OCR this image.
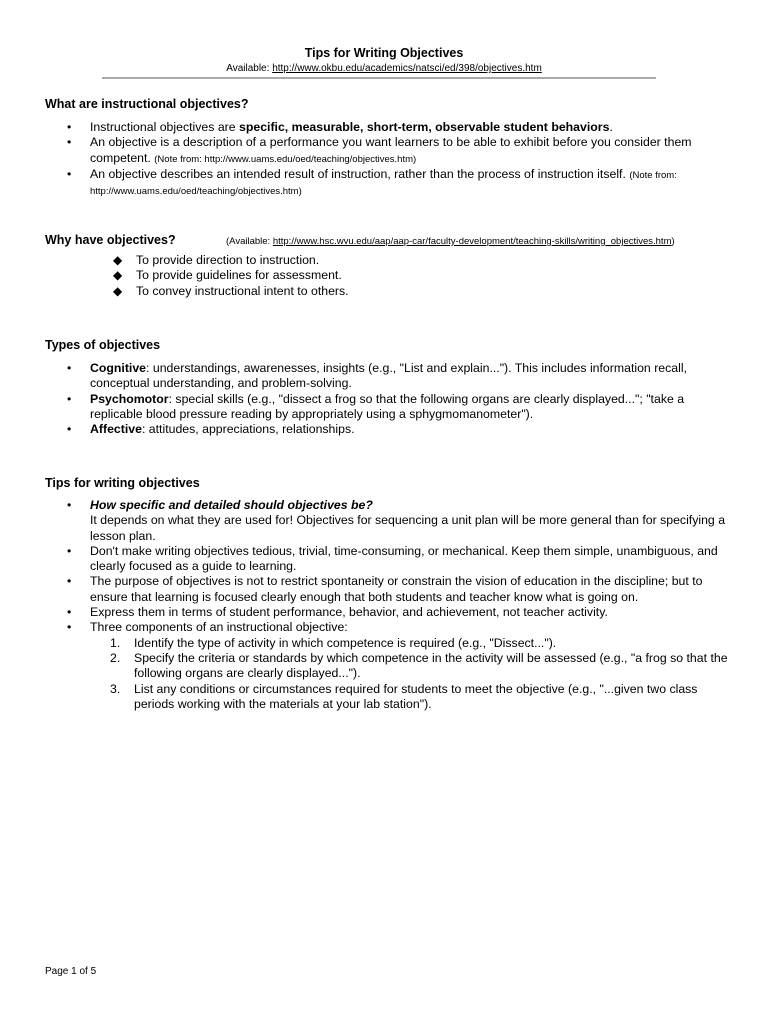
Tips for Writing Objectives
Available: http://www.okbu.edu/academics/natsci/ed/398/objectives.htm
What are instructional objectives?
• Instructional objectives are specific, measurable, short-term, observable student behaviors.
• An objective is a description of a performance you want learners to be able to exhibit before you consider them competent. (Note from: http://www.uams.edu/oed/teaching/objectives.htm)
• An objective describes an intended result of instruction, rather than the process of instruction itself. (Note from: http://www.uams.edu/oed/teaching/objectives.htm)
Why have objectives?	(Available: http://www.hsc.wvu.edu/aap/aap-car/faculty-development/teaching-skills/writing_objectives.htm)
◆ To provide direction to instruction.
◆ To provide guidelines for assessment.
◆ To convey instructional intent to others.
Types of objectives
• Cognitive: understandings, awarenesses, insights (e.g., "List and explain..."). This includes information recall, conceptual understanding, and problem-solving.
• Psychomotor: special skills (e.g., "dissect a frog so that the following organs are clearly displayed..."; "take a replicable blood pressure reading by appropriately using a sphygmomanometer").
• Affective: attitudes, appreciations, relationships.
Tips for writing objectives
• How specific and detailed should objectives be?
It depends on what they are used for! Objectives for sequencing a unit plan will be more general than for specifying a lesson plan.
• Don't make writing objectives tedious, trivial, time-consuming, or mechanical. Keep them simple, unambiguous, and clearly focused as a guide to learning.
• The purpose of objectives is not to restrict spontaneity or constrain the vision of education in the discipline; but to ensure that learning is focused clearly enough that both students and teacher know what is going on.
• Express them in terms of student performance, behavior, and achievement, not teacher activity.
• Three components of an instructional objective:
1. Identify the type of activity in which competence is required (e.g., "Dissect...").
2. Specify the criteria or standards by which competence in the activity will be assessed (e.g., "a frog so that the following organs are clearly displayed...").
3. List any conditions or circumstances required for students to meet the objective (e.g., "...given two class periods working with the materials at your lab station").
Page 1 of 5
